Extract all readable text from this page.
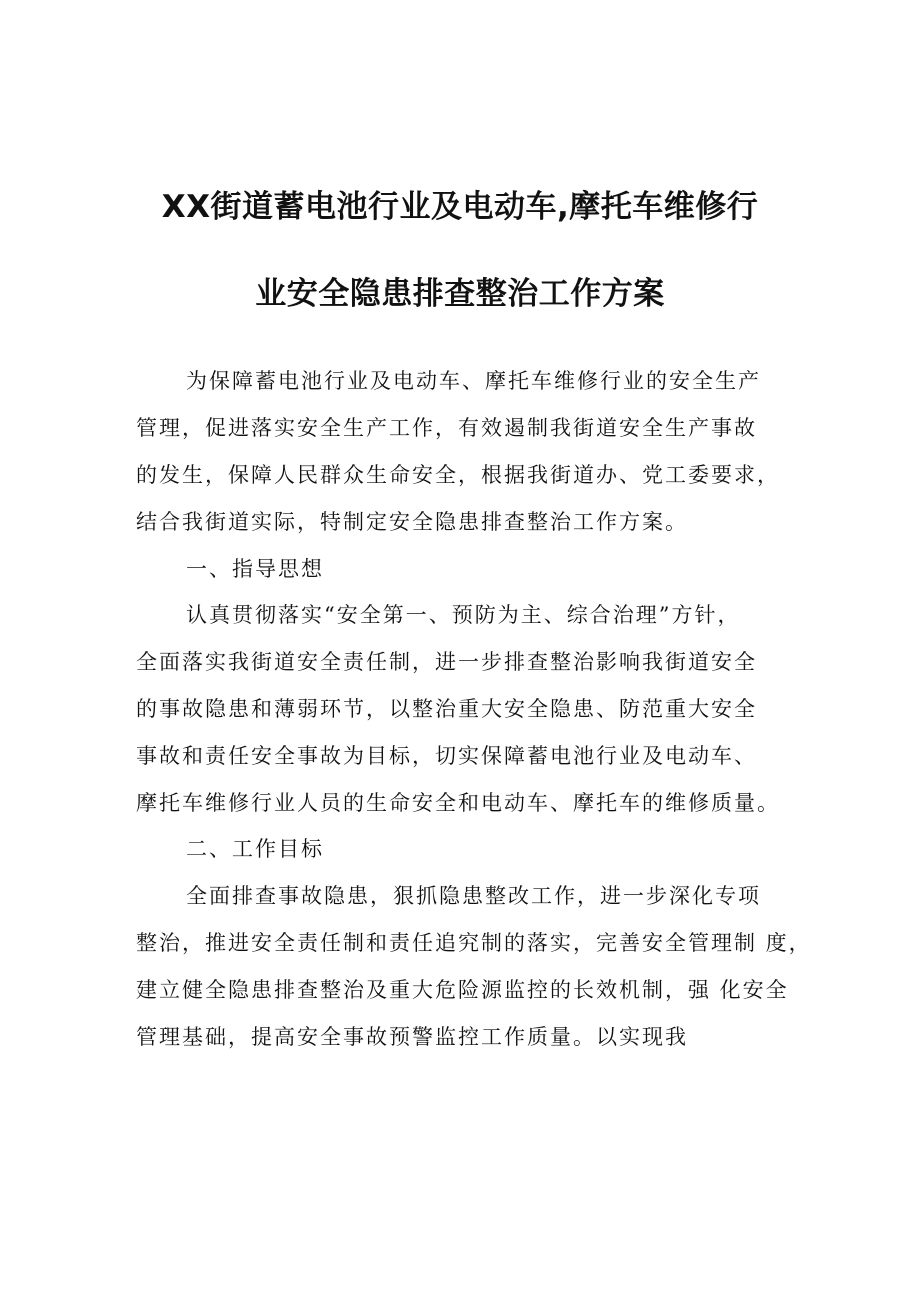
XX街道蓄电池行业及电动车,摩托车维修行
业安全隐患排查整治工作方案
为保障蓄电池行业及电动车、摩托车维修行业的安全生产
管理，促进落实安全生产工作，有效遏制我街道安全生产事故
的发生，保障人民群众生命安全，根据我街道办、党工委要求，
结合我街道实际，特制定安全隐患排查整治工作方案。
一、指导思想
认真贯彻落实“安全第一、预防为主、综合治理”方针，
全面落实我街道安全责任制，进一步排查整治影响我街道安全
的事故隐患和薄弱环节，以整治重大安全隐患、防范重大安全
事故和责任安全事故为目标，切实保障蓄电池行业及电动车、
摩托车维修行业人员的生命安全和电动车、摩托车的维修质量。
二、工作目标
全面排查事故隐患，狠抓隐患整改工作，进一步深化专项
整治，推进安全责任制和责任追究制的落实，完善安全管理制 度，
建立健全隐患排查整治及重大危险源监控的长效机制，强 化安全
管理基础，提高安全事故预警监控工作质量。以实现我
